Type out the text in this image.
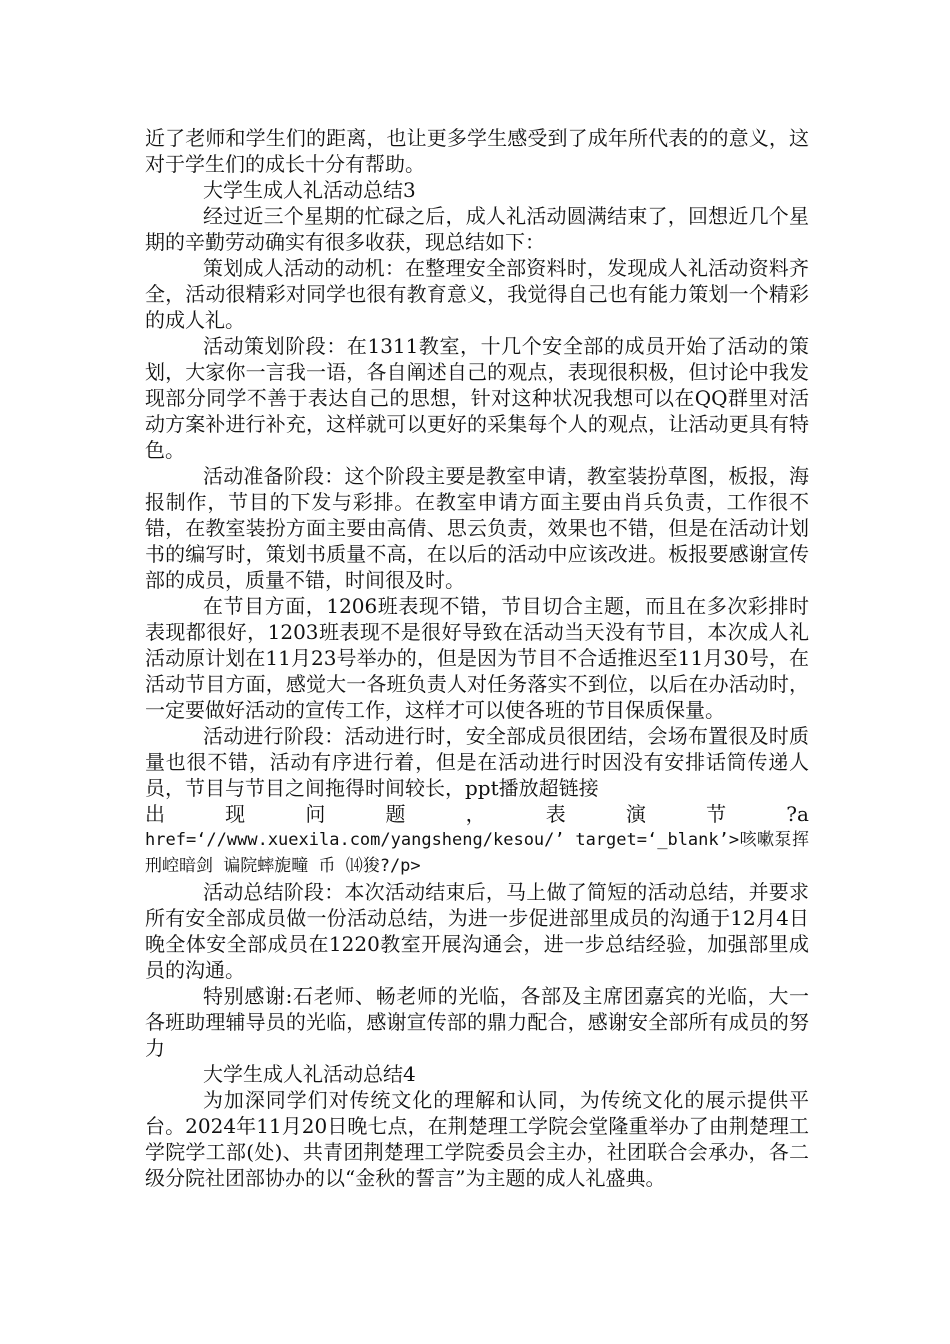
近了老师和学生们的距离，也让更多学生感受到了成年所代表的的意义，这对于学生们的成长十分有帮助。

大学生成人礼活动总结3

经过近三个星期的忙碌之后，成人礼活动圆满结束了，回想近几个星期的辛勤劳动确实有很多收获，现总结如下：

策划成人活动的动机：在整理安全部资料时，发现成人礼活动资料齐全，活动很精彩对同学也很有教育意义，我觉得自己也有能力策划一个精彩的成人礼。

活动策划阶段：在1311教室，十几个安全部的成员开始了活动的策划，大家你一言我一语，各自阐述自己的观点，表现很积极，但讨论中我发现部分同学不善于表达自己的思想，针对这种状况我想可以在QQ群里对活动方案补进行补充，这样就可以更好的采集每个人的观点，让活动更具有特色。

活动准备阶段：这个阶段主要是教室申请，教室装扮草图，板报，海报制作，节目的下发与彩排。在教室申请方面主要由肖兵负责，工作很不错，在教室装扮方面主要由高倩、思云负责，效果也不错，但是在活动计划书的编写时，策划书质量不高，在以后的活动中应该改进。板报要感谢宣传部的成员，质量不错，时间很及时。

在节目方面，1206班表现不错，节目切合主题，而且在多次彩排时表现都很好，1203班表现不是很好导致在活动当天没有节目，本次成人礼活动原计划在11月23号举办的，但是因为节目不合适推迟至11月30号，在活动节目方面，感觉大一各班负责人对任务落实不到位，以后在办活动时，一定要做好活动的宣传工作，这样才可以使各班的节目保质保量。

活动进行阶段：活动进行时，安全部成员很团结，会场布置很及时质量也很不错，活动有序进行着，但是在活动进行时因没有安排话筒传递人员，节目与节目之间拖得时间较长，ppt播放超链接

出	现	问	题	，	表	演	节	?a

href=‘//www.xuexila.com/yangsheng/kesou/’ target=‘_blank’>咳嗽泵挥刑崆暗剑 谝院蟀旎疃 币 ⒁狻?/p>

活动总结阶段：本次活动结束后，马上做了简短的活动总结，并要求所有安全部成员做一份活动总结，为进一步促进部里成员的沟通于12月4日晚全体安全部成员在1220教室开展沟通会，进一步总结经验，加强部里成员的沟通。

特别感谢:石老师、畅老师的光临，各部及主席团嘉宾的光临，大一各班助理辅导员的光临，感谢宣传部的鼎力配合，感谢安全部所有成员的努力

大学生成人礼活动总结4

为加深同学们对传统文化的理解和认同，为传统文化的展示提供平台。2024年11月20日晚七点，在荆楚理工学院会堂隆重举办了由荆楚理工学院学工部(处)、共青团荆楚理工学院委员会主办，社团联合会承办，各二级分院社团部协办的以“金秋的誓言”为主题的成人礼盛典。
